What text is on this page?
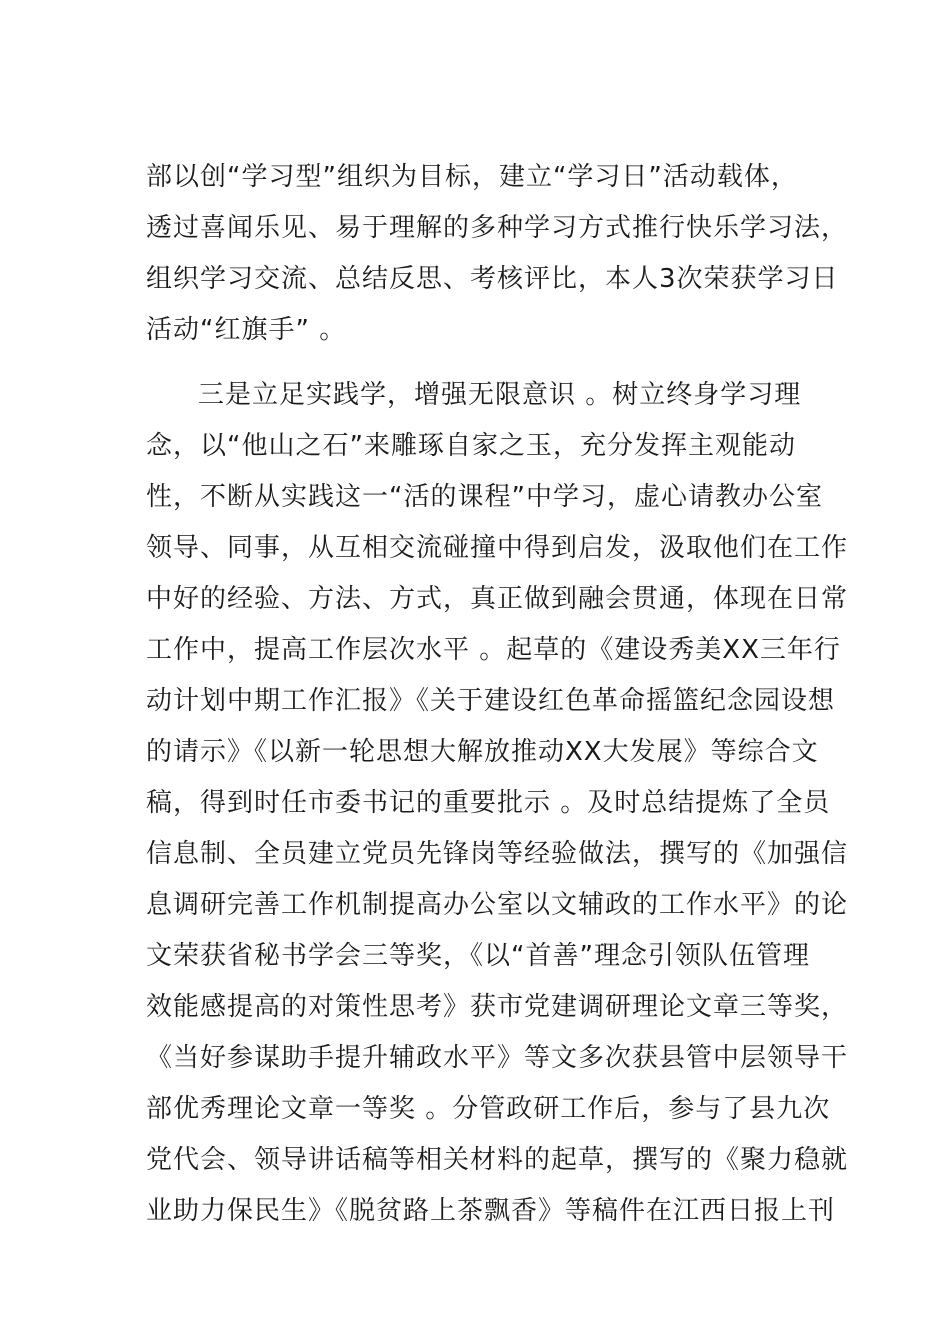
部以创“学习型”组织为目标，建立“学习日”活动载体，
透过喜闻乐见、易于理解的多种学习方式推行快乐学习法，
组织学习交流、总结反思、考核评比，本人3次荣获学习日
活动“红旗手” 。
三是立足实践学，增强无限意识 。树立终身学习理
念，以“他山之石”来雕琢自家之玉，充分发挥主观能动
性，不断从实践这一“活的课程”中学习，虚心请教办公室
领导、同事，从互相交流碰撞中得到启发，汲取他们在工作
中好的经验、方法、方式，真正做到融会贯通，体现在日常
工作中，提高工作层次水平 。起草的《建设秀美XX三年行
动计划中期工作汇报》《关于建设红色革命摇篮纪念园设想
的请示》《以新一轮思想大解放推动XX大发展》等综合文
稿，得到时任市委书记的重要批示 。及时总结提炼了全员
信息制、全员建立党员先锋岗等经验做法，撰写的《加强信
息调研完善工作机制提高办公室以文辅政的工作水平》的论
文荣获省秘书学会三等奖，《以“首善”理念引领队伍管理
效能感提高的对策性思考》获市党建调研理论文章三等奖，
《当好参谋助手提升辅政水平》等文多次获县管中层领导干
部优秀理论文章一等奖 。分管政研工作后，参与了县九次
党代会、领导讲话稿等相关材料的起草，撰写的《聚力稳就
业助力保民生》《脱贫路上茶飘香》等稿件在江西日报上刊
